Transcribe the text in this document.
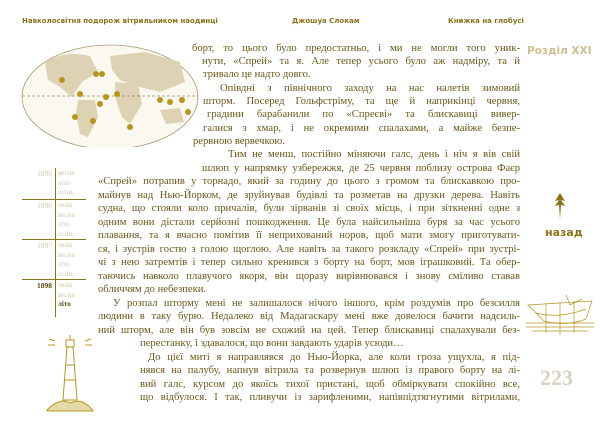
Навколосвітня подорож вітрильником наодинці	Джошуа Слокам	Книжка на глобусі
Розділ XXI
борт, то цього було предостатньо, і ми не могли того уник-
нути, «Спрей» та я. Але тепер усього було аж надміру, та й
тривало це надто довго.
Опівдні з північного заходу на нас налетів зимовий
шторм. Посеред Гольфстріму, та ще й наприкінці червня,
градини барабанили по «Спреєві» та блискавиці вивер-
галися з хмар, і не окремими спалахами, а майже безпе-
рервною вервечкою.
Тим не менш, постійно міняючи галс, день і ніч я вів свій
шлюп у напрямку узбережжя, де 25 червня поблизу острова Фаєр
«Спрей» потрапив у торнадо, який за годину до цього з громом та блискавкою про-
майнув над Нью-Йорком, де зруйнував будівлі та розметав на друзки дерева. Навіть
судна, що стояли коло причалів, були зірванів зі своїх місць, і при зіткненні одне з
одним вони дістали серйозні пошкодження. Це була найсильніша буря за час усього
плавання, та я вчасно помітив її неприхований норов, щоб мати змогу приготувати-
ся, і зустрів гостю з голою щоглою. Але навіть за такого розкладу «Спрей» при зустрі-
чі з нею затремтів і тепер сильно кренився з борту на борт, мов іграшковий. Та обер-
таючись навколо плавучого якоря, він щоразу вирівнювався і знову сміливо ставав
обличчям до небезпеки.
У розпал шторму мені не залишалося нічого іншого, крім роздумів про безсилля
людини в таку бурю. Недалеко від Мадагаскару мені вже довелося бачити надсиль-
ний шторм, але він був зовсім не схожий на цей. Тепер блискавиці спалахували без-
перестанку, і здавалося, що вони завдають ударів усюди…
До цієї миті я направлявся до Нью-Йорка, але коли гроза ущухла, я під-
нявся на палубу, напнув вітрила та розвернув шлюп із правого борту на лі-
вий галс, курсом до якоїсь тихої пристані, щоб обміркувати спокійно все,
що відбулося. І так, пливучи із зарифленими, напівпідтягнутими вітрилами,
1895 весна
літо
осінь
1896 зима
весна
літо
осінь
1897 зима
весна
літо
осінь
1898 зима
весна
літо
назад
223
